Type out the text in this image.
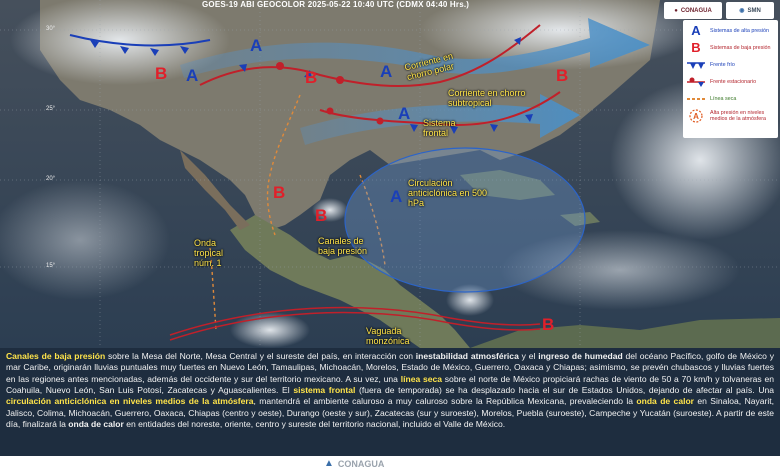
GOES-19 ABI GEOCOLOR 2025-05-22 10:40 UTC (CDMX 04:40 Hrs.)
30°
25°
20°
15°
A
A
A
A
A
B	B	B
B
B
B
Corriente en chorro polar
Corriente en chorro subtropical
Sistema frontal
Circulación anticiclónica en 500 hPa
Canales de baja presión
Onda tropical núm. 1
Vaguada monzónica
● CONAGUA	◉ SMN
A Sistemas de alta presión
B Sistemas de baja presión
Frente frío
Frente estacionario
Línea seca
A Alta presión en niveles medios de la atmósfera
Canales de baja presión sobre la Mesa del Norte, Mesa Central y el sureste del país, en interacción con inestabilidad atmosférica y el ingreso de humedad del océano Pacífico, golfo de México y mar Caribe, originarán lluvias puntuales muy fuertes en Nuevo León, Tamaulipas, Michoacán, Morelos, Estado de México, Guerrero, Oaxaca y Chiapas; asimismo, se prevén chubascos y lluvias fuertes en las regiones antes mencionadas, además del occidente y sur del territorio mexicano. A su vez, una línea seca sobre el norte de México propiciará rachas de viento de 50 a 70 km/h y tolvaneras en Coahuila, Nuevo León, San Luis Potosí, Zacatecas y Aguascalientes. El sistema frontal (fuera de temporada) se ha desplazado hacia el sur de Estados Unidos, dejando de afectar al país. Una circulación anticiclónica en niveles medios de la atmósfera, mantendrá el ambiente caluroso a muy caluroso sobre la República Mexicana, prevaleciendo la onda de calor en Sinaloa, Nayarit, Jalisco, Colima, Michoacán, Guerrero, Oaxaca, Chiapas (centro y oeste), Durango (oeste y sur), Zacatecas (sur y suroeste), Morelos, Puebla (suroeste), Campeche y Yucatán (suroeste). A partir de este día, finalizará la onda de calor en entidades del noreste, oriente, centro y sureste del territorio nacional, incluido el Valle de México.
▲ CONAGUA
